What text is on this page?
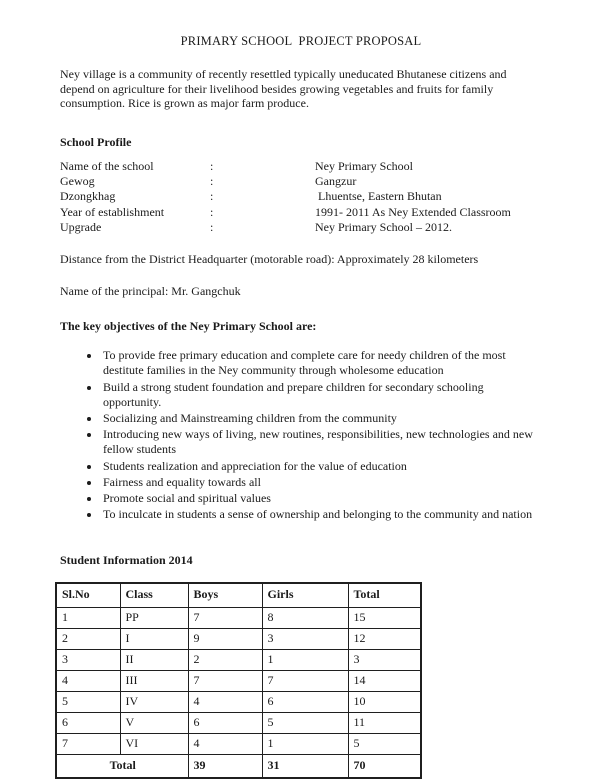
PRIMARY SCHOOL  PROJECT PROPOSAL

Ney village is a community of recently resettled typically uneducated Bhutanese citizens and depend on agriculture for their livelihood besides growing vegetables and fruits for family consumption. Rice is grown as major farm produce.

School Profile
Name of the school	:	Ney Primary School
Gewog	:	Gangzur
Dzongkhag	:	Lhuentse, Eastern Bhutan
Year of establishment	:	1991- 2011 As Ney Extended Classroom
Upgrade	:	Ney Primary School – 2012.

Distance from the District Headquarter (motorable road): Approximately 28 kilometers

Name of the principal: Mr. Gangchuk

The key objectives of the Ney Primary School are:
• To provide free primary education and complete care for needy children of the most destitute families in the Ney community through wholesome education
• Build a strong student foundation and prepare children for secondary schooling opportunity.
• Socializing and Mainstreaming children from the community
• Introducing new ways of living, new routines, responsibilities, new technologies and new fellow students
• Students realization and appreciation for the value of education
• Fairness and equality towards all
• Promote social and spiritual values
• To inculcate in students a sense of ownership and belonging to the community and nation
Student Information 2014
Sl.No	Class	Boys	Girls	Total
1	PP	7	8	15
2	I	9	3	12
3	II	2	1	3
4	III	7	7	14
5	IV	4	6	10
6	V	6	5	11
7	VI	4	1	5
Total		39	31	70
